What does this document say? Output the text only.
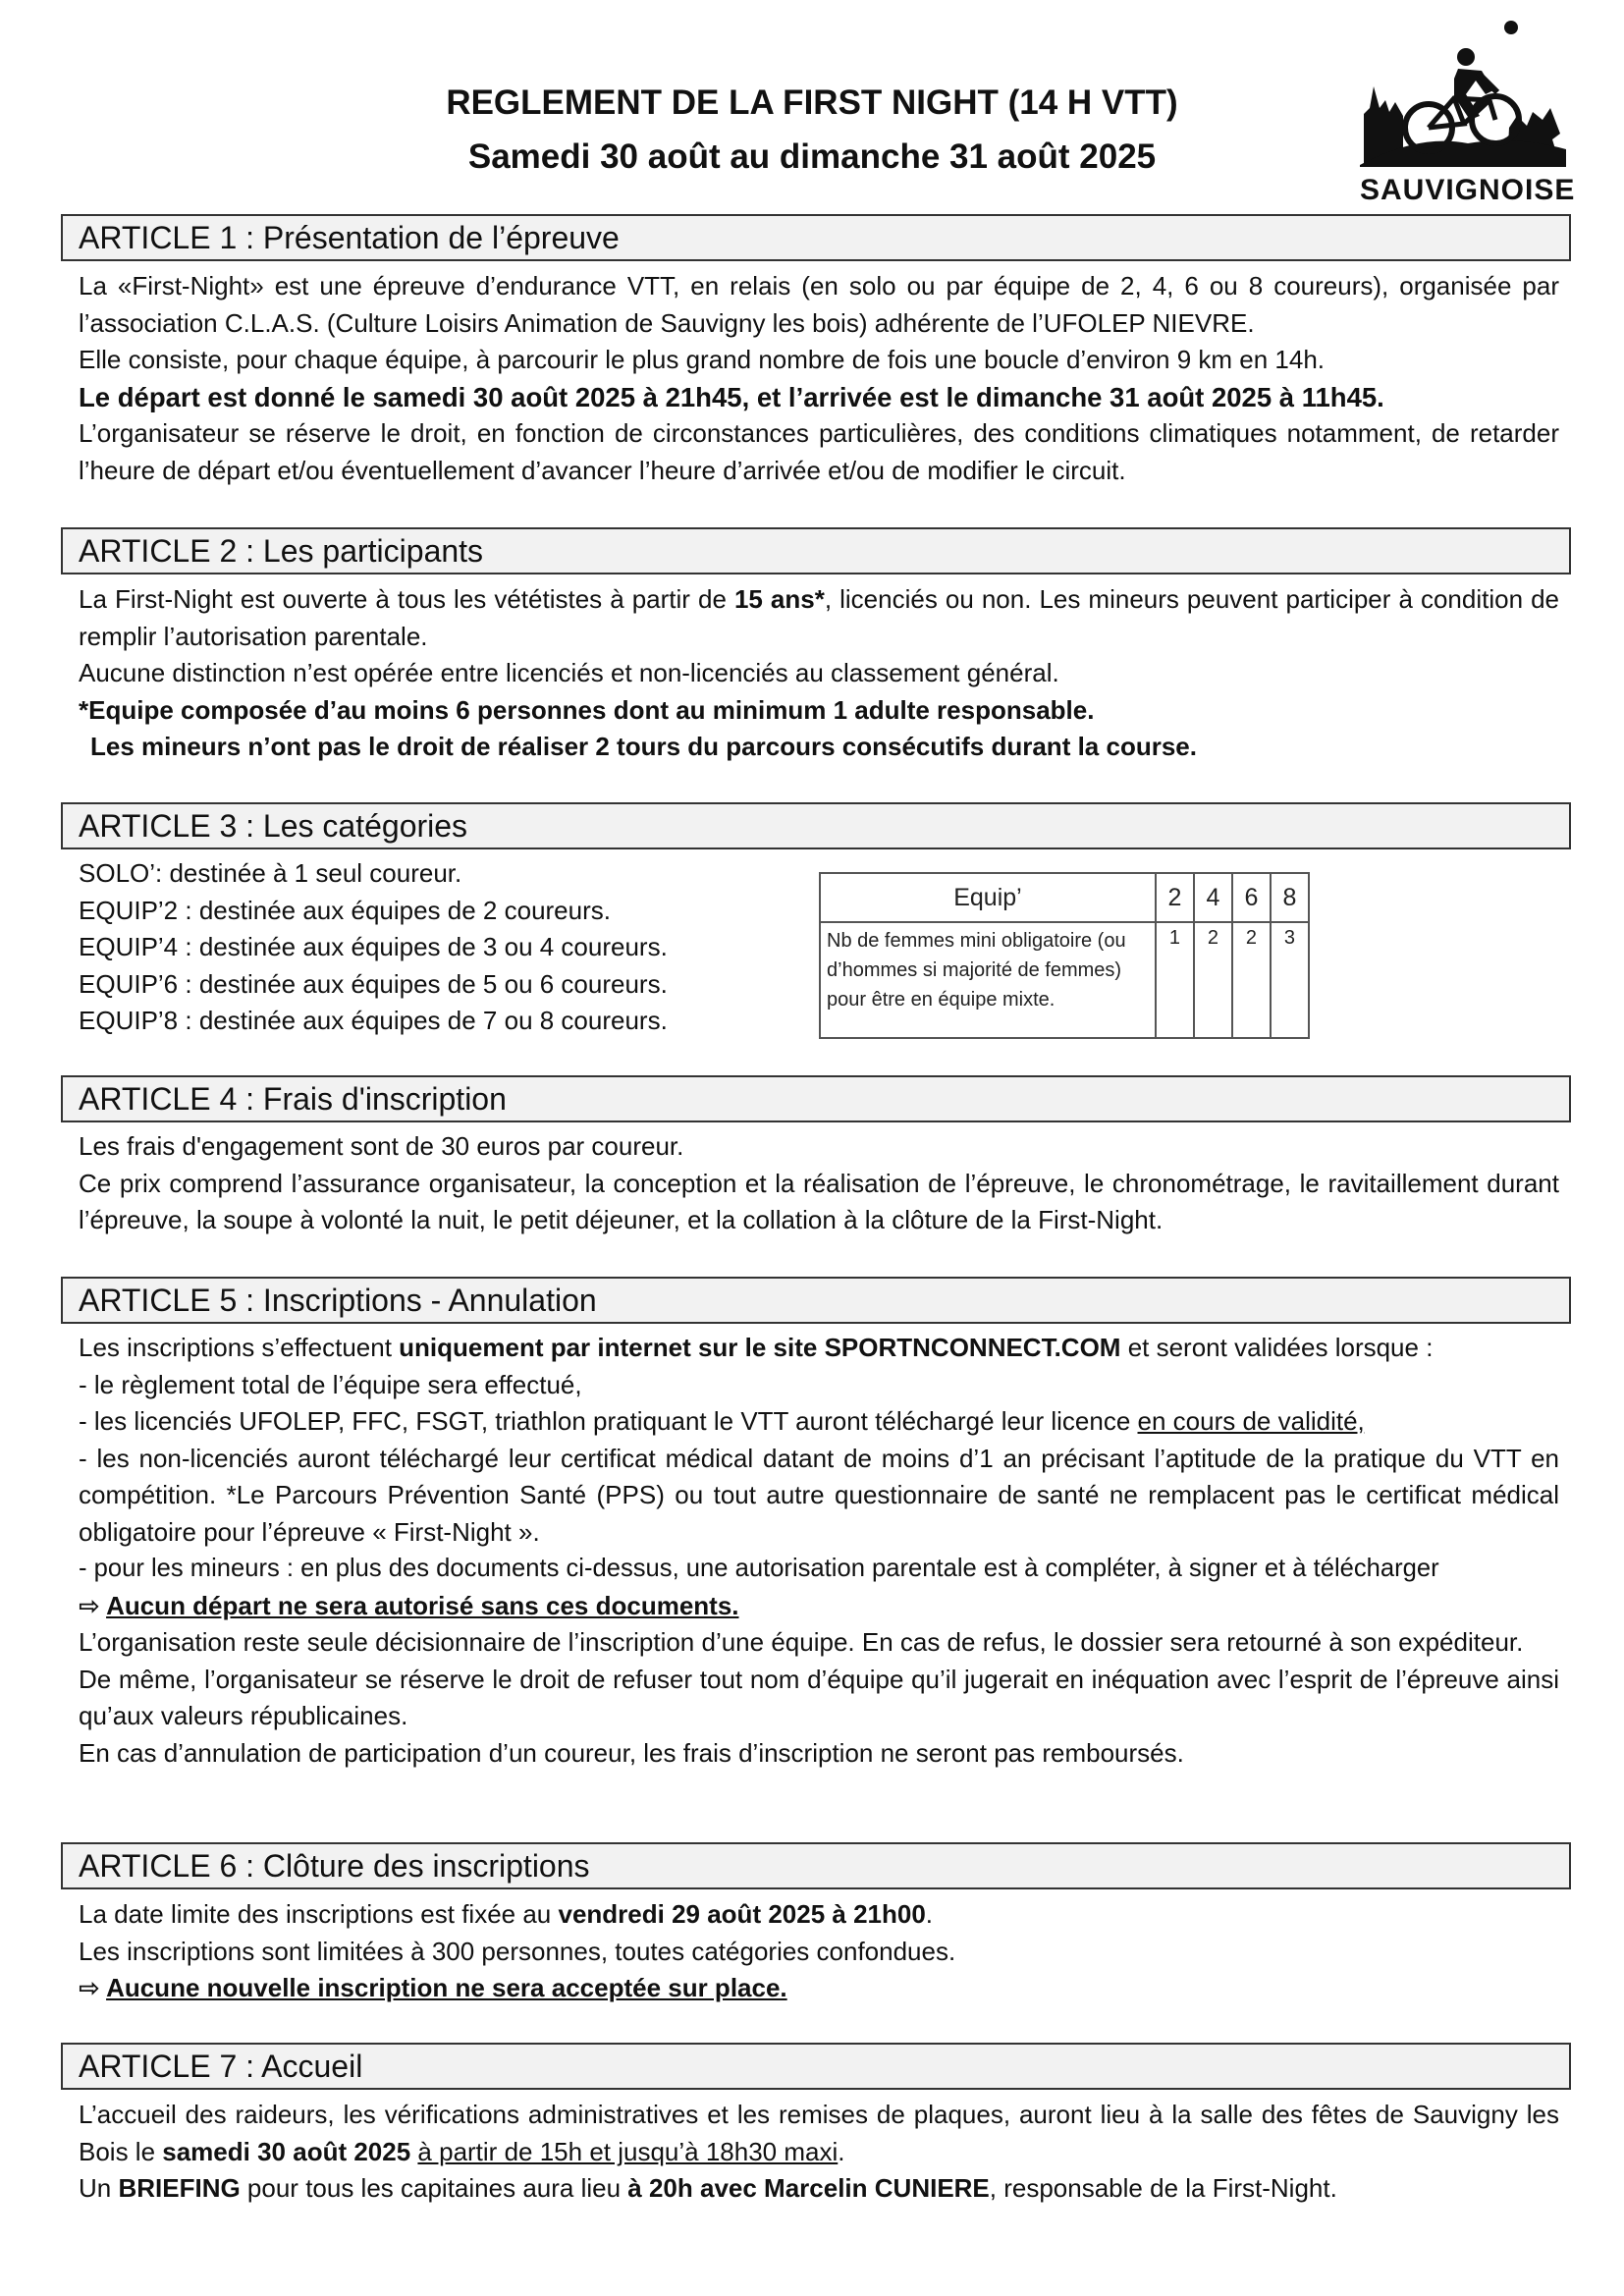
REGLEMENT DE LA FIRST NIGHT (14 H VTT)
Samedi 30 août au dimanche 31 août 2025
SAUVIGNOISE
ARTICLE 1 : Présentation de l’épreuve

La «First-Night» est une épreuve d’endurance VTT, en relais (en solo ou par équipe de 2, 4, 6 ou 8 coureurs), organisée par l’association C.L.A.S. (Culture Loisirs Animation de Sauvigny les bois) adhérente de l’UFOLEP NIEVRE.

Elle consiste, pour chaque équipe, à parcourir le plus grand nombre de fois une boucle d’environ 9 km en 14h.

Le départ est donné le samedi 30 août 2025 à 21h45, et l’arrivée est le dimanche 31 août 2025 à 11h45.

L’organisateur se réserve le droit, en fonction de circonstances particulières, des conditions climatiques notamment, de retarder l’heure de départ et/ou éventuellement d’avancer l’heure d’arrivée et/ou de modifier le circuit.

ARTICLE 2 : Les participants

La First-Night est ouverte à tous les vététistes à partir de 15 ans*, licenciés ou non. Les mineurs peuvent participer à condition de remplir l’autorisation parentale.

Aucune distinction n’est opérée entre licenciés et non-licenciés au classement général.

*Equipe composée d’au moins 6 personnes dont au minimum 1 adulte responsable.

Les mineurs n’ont pas le droit de réaliser 2 tours du parcours consécutifs durant la course.

ARTICLE 3 : Les catégories

SOLO’: destinée à 1 seul coureur.

EQUIP’2 : destinée aux équipes de 2 coureurs.

EQUIP’4 : destinée aux équipes de 3 ou 4 coureurs.

EQUIP’6 : destinée aux équipes de 5 ou 6 coureurs.

EQUIP’8 : destinée aux équipes de 7 ou 8 coureurs.

Equip’	2	4	6	8
Nb de femmes mini obligatoire (ou d’hommes si majorité de femmes) pour être en équipe mixte.	1	2	2	3
ARTICLE 4 : Frais d'inscription

Les frais d'engagement sont de 30 euros par coureur.

Ce prix comprend l’assurance organisateur, la conception et la réalisation de l’épreuve, le chronométrage, le ravitaillement durant l’épreuve, la soupe à volonté la nuit, le petit déjeuner, et la collation à la clôture de la First-Night.

ARTICLE 5 : Inscriptions - Annulation

Les inscriptions s’effectuent uniquement par internet sur le site SPORTNCONNECT.COM et seront validées lorsque :

- le règlement total de l’équipe sera effectué,

- les licenciés UFOLEP, FFC, FSGT, triathlon pratiquant le VTT auront téléchargé leur licence en cours de validité,

- les non-licenciés auront téléchargé leur certificat médical datant de moins d’1 an précisant l’aptitude de la pratique du VTT en compétition. *Le Parcours Prévention Santé (PPS) ou tout autre questionnaire de santé ne remplacent pas le certificat médical obligatoire pour l’épreuve « First-Night ».

- pour les mineurs : en plus des documents ci-dessus, une autorisation parentale est à compléter, à signer et à télécharger

⇨ Aucun départ ne sera autorisé sans ces documents.

L’organisation reste seule décisionnaire de l’inscription d’une équipe. En cas de refus, le dossier sera retourné à son expéditeur.

De même, l’organisateur se réserve le droit de refuser tout nom d’équipe qu’il jugerait en inéquation avec l’esprit de l’épreuve ainsi qu’aux valeurs républicaines.

En cas d’annulation de participation d’un coureur, les frais d’inscription ne seront pas remboursés.

ARTICLE 6 : Clôture des inscriptions

La date limite des inscriptions est fixée au vendredi 29 août 2025 à 21h00.

Les inscriptions sont limitées à 300 personnes, toutes catégories confondues.

⇨ Aucune nouvelle inscription ne sera acceptée sur place.

ARTICLE 7 : Accueil

L’accueil des raideurs, les vérifications administratives et les remises de plaques, auront lieu à la salle des fêtes de Sauvigny les Bois le samedi 30 août 2025 à partir de 15h et jusqu’à 18h30 maxi.

Un BRIEFING pour tous les capitaines aura lieu à 20h avec Marcelin CUNIERE, responsable de la First-Night.
